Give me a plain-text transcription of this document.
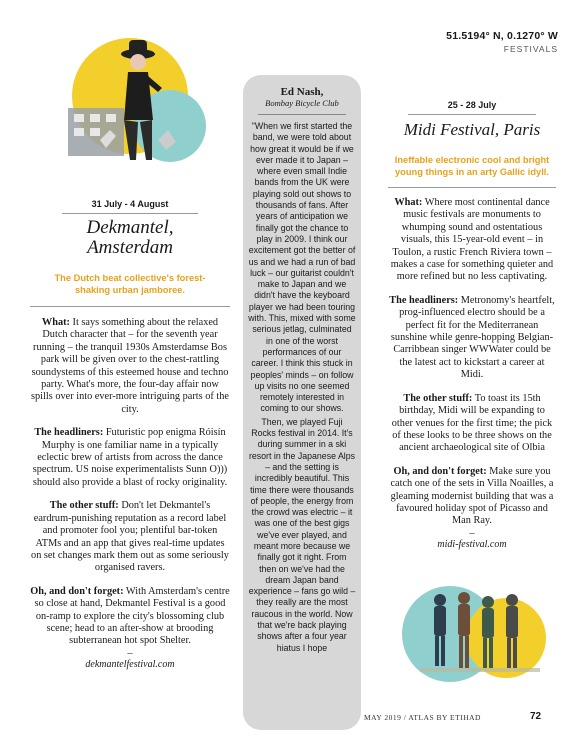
51.5194° N, 0.1270° W
FESTIVALS
31 July - 4 August
Dekmantel,
Amsterdam
The Dutch beat collective's forest-shaking urban jamboree.

What: It says something about the relaxed Dutch character that – for the seventh year running – the tranquil 1930s Amsterdamse Bos park will be given over to the chest-rattling soundystems of this esteemed house and techno party. What's more, the four-day affair now spills over into ever-more intriguing parts of the city.

The headliners: Futuristic pop enigma Róisín Murphy is one familiar name in a typically eclectic brew of artists from across the dance spectrum. US noise experimentalists Sunn O))) should also provide a blast of rocky originality.

The other stuff: Don't let Dekmantel's eardrum-punishing reputation as a record label and promoter fool you; plentiful bar-token ATMs and an app that gives real-time updates on set changes mark them out as some seriously organised ravers.

Oh, and don't forget: With Amsterdam's centre so close at hand, Dekmantel Festival is a good on-ramp to explore the city's blossoming club scene; head to an after-show at brooding subterranean hot spot Shelter.

–
dekmantelfestival.com
Ed Nash,
Bombay Bicycle Club

"When we first started the band, we were told about how great it would be if we ever made it to Japan – where even small Indie bands from the UK were playing sold out shows to thousands of fans. After years of anticipation we finally got the chance to play in 2009. I think our excitement got the better of us and we had a run of bad luck – our guitarist couldn't make to Japan and we didn't have the keyboard player we had been touring with. This, mixed with some serious jetlag, culminated in one of the worst performances of our career. I think this stuck in peoples' minds – on follow up visits no one seemed remotely interested in coming to our shows.

Then, we played Fuji Rocks festival in 2014. It's during summer in a ski resort in the Japanese Alps – and the setting is incredibly beautiful. This time there were thousands of people, the energy from the crowd was electric – it was one of the best gigs we've ever played, and meant more because we finally got it right. From then on we've had the dream Japan band experience – fans go wild – they really are the most raucous in the world. Now that we're back playing shows after a four year hiatus I hope

25 - 28 July
Midi Festival, Paris
Ineffable electronic cool and bright young things in an arty Gallic idyll.

What: Where most continental dance music festivals are monuments to whumping sound and ostentatious visuals, this 15-year-old event – in Toulon, a rustic French Riviera town – makes a case for something quieter and more refined but no less captivating.

The headliners: Metronomy's heartfelt, prog-influenced electro should be a perfect fit for the Mediterranean sunshine while genre-hopping Belgian-Carribbean singer WWWater could be the latest act to kickstart a career at Midi.

The other stuff: To toast its 15th birthday, Midi will be expanding to other venues for the first time; the pick of these looks to be three shows on the ancient archaeological site of Olbia

Oh, and don't forget: Make sure you catch one of the sets in Villa Noailles, a gleaming modernist building that was a favoured holiday spot of Picasso and Man Ray.

–
midi-festival.com
MAY 2019 / ATLAS BY ETIHAD	72
